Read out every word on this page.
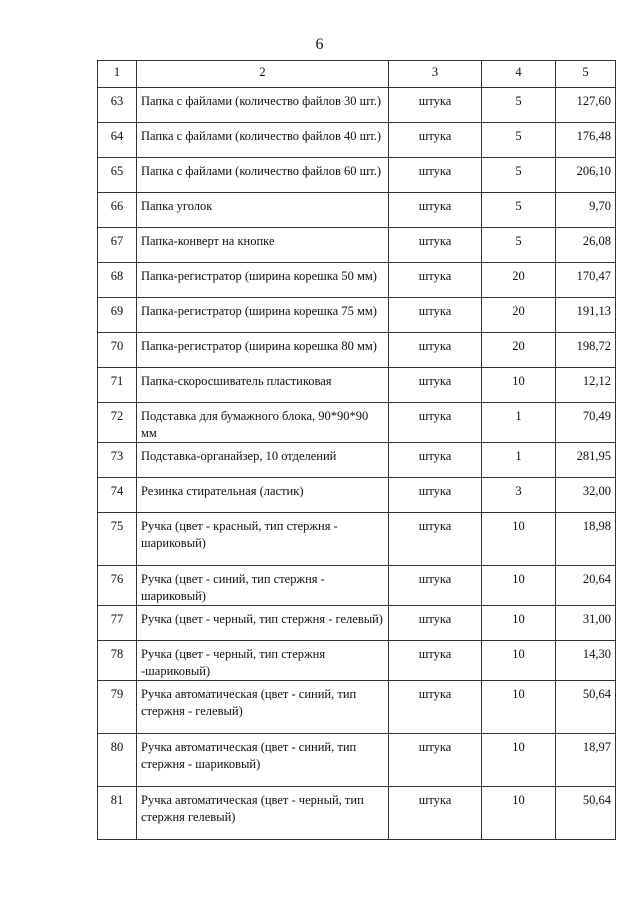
6
1	2	3	4	5
63	Папка с файлами (количество файлов 30 шт.)	штука	5	127,60
64	Папка с файлами (количество файлов 40 шт.)	штука	5	176,48
65	Папка с файлами (количество файлов 60 шт.)	штука	5	206,10
66	Папка уголок	штука	5	9,70
67	Папка-конверт на кнопке	штука	5	26,08
68	Папка-регистратор (ширина корешка 50 мм)	штука	20	170,47
69	Папка-регистратор (ширина корешка 75 мм)	штука	20	191,13
70	Папка-регистратор (ширина корешка 80 мм)	штука	20	198,72
71	Папка-скоросшиватель пластиковая	штука	10	12,12
72	Подставка для бумажного блока, 90*90*90 мм	штука	1	70,49
73	Подставка-органайзер, 10 отделений	штука	1	281,95
74	Резинка стирательная (ластик)	штука	3	32,00
75	Ручка (цвет - красный, тип стержня - шариковый)	штука	10	18,98
76	Ручка (цвет - синий, тип стержня - шариковый)	штука	10	20,64
77	Ручка (цвет - черный, тип стержня - гелевый)	штука	10	31,00
78	Ручка (цвет - черный, тип стержня -шариковый)	штука	10	14,30
79	Ручка автоматическая (цвет - синий, тип стержня - гелевый)	штука	10	50,64
80	Ручка автоматическая (цвет - синий, тип стержня - шариковый)	штука	10	18,97
81	Ручка автоматическая (цвет - черный, тип стержня гелевый)	штука	10	50,64
